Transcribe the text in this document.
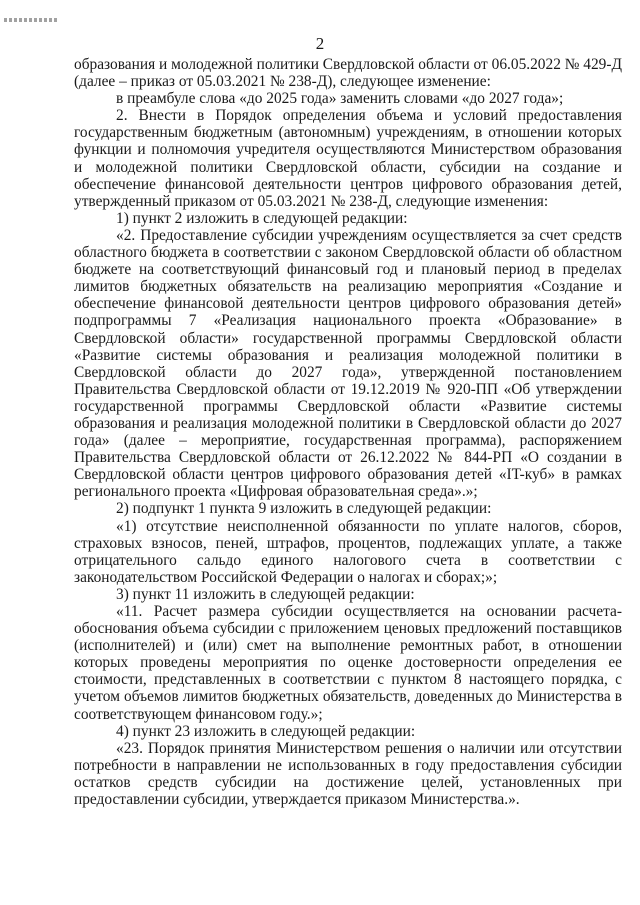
2

образования и молодежной политики Свердловской области от 06.05.2022 № 429-Д (далее – приказ от 05.03.2021 № 238-Д), следующее изменение:

в преамбуле слова «до 2025 года» заменить словами «до 2027 года»;

2. Внести в Порядок определения объема и условий предоставления государственным бюджетным (автономным) учреждениям, в отношении которых функции и полномочия учредителя осуществляются Министерством образования и молодежной политики Свердловской области, субсидии на создание и обеспечение финансовой деятельности центров цифрового образования детей, утвержденный приказом от 05.03.2021 № 238-Д, следующие изменения:

1) пункт 2 изложить в следующей редакции:

«2. Предоставление субсидии учреждениям осуществляется за счет средств областного бюджета в соответствии с законом Свердловской области об областном бюджете на соответствующий финансовый год и плановый период в пределах лимитов бюджетных обязательств на реализацию мероприятия «Создание и обеспечение финансовой деятельности центров цифрового образования детей» подпрограммы 7 «Реализация национального проекта «Образование» в Свердловской области» государственной программы Свердловской области «Развитие системы образования и реализация молодежной политики в Свердловской области до 2027 года», утвержденной постановлением Правительства Свердловской области от 19.12.2019 № 920-ПП «Об утверждении государственной программы Свердловской области «Развитие системы образования и реализация молодежной политики в Свердловской области до 2027 года» (далее – мероприятие, государственная программа), распоряжением Правительства Свердловской области от 26.12.2022 № 844-РП «О создании в Свердловской области центров цифрового образования детей «IT-куб» в рамках регионального проекта «Цифровая образовательная среда».»;

2) подпункт 1 пункта 9 изложить в следующей редакции:

«1) отсутствие неисполненной обязанности по уплате налогов, сборов, страховых взносов, пеней, штрафов, процентов, подлежащих уплате, а также отрицательного сальдо единого налогового счета в соответствии с законодательством Российской Федерации о налогах и сборах;»;

3) пункт 11 изложить в следующей редакции:

«11. Расчет размера субсидии осуществляется на основании расчета-обоснования объема субсидии с приложением ценовых предложений поставщиков (исполнителей) и (или) смет на выполнение ремонтных работ, в отношении которых проведены мероприятия по оценке достоверности определения ее стоимости, представленных в соответствии с пунктом 8 настоящего порядка, с учетом объемов лимитов бюджетных обязательств, доведенных до Министерства в соответствующем финансовом году.»;

4) пункт 23 изложить в следующей редакции:

«23. Порядок принятия Министерством решения о наличии или отсутствии потребности в направлении не использованных в году предоставления субсидии остатков средств субсидии на достижение целей, установленных при предоставлении субсидии, утверждается приказом Министерства.».
